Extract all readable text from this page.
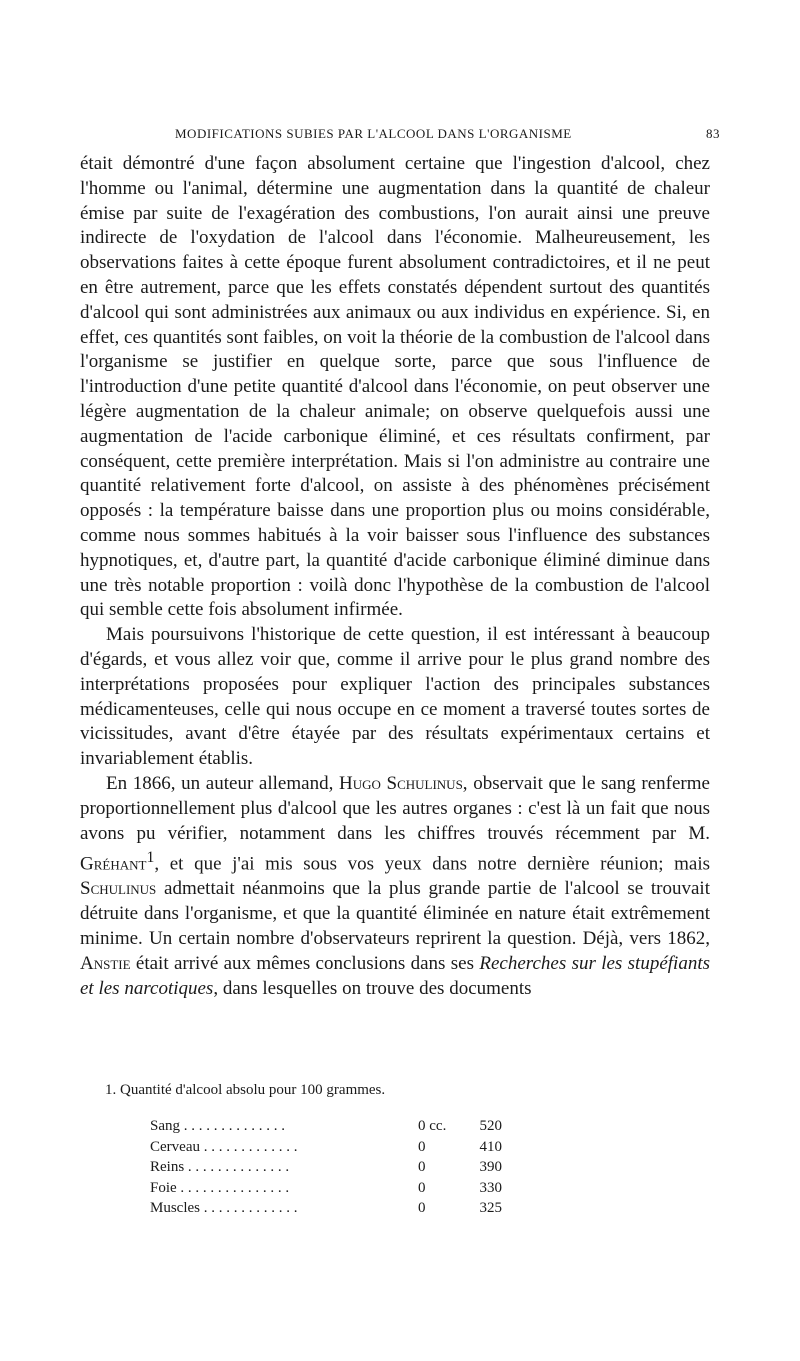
MODIFICATIONS SUBIES PAR L'ALCOOL DANS L'ORGANISME	83

était démontré d'une façon absolument certaine que l'ingestion d'alcool, chez l'homme ou l'animal, détermine une augmentation dans la quantité de chaleur émise par suite de l'exagération des combustions, l'on aurait ainsi une preuve indirecte de l'oxydation de l'alcool dans l'économie. Malheureusement, les observations faites à cette époque furent absolument contradictoires, et il ne peut en être autrement, parce que les effets constatés dépendent surtout des quantités d'alcool qui sont administrées aux animaux ou aux individus en expérience. Si, en effet, ces quantités sont faibles, on voit la théorie de la combustion de l'alcool dans l'organisme se justifier en quelque sorte, parce que sous l'influence de l'introduction d'une petite quantité d'alcool dans l'économie, on peut observer une légère augmentation de la chaleur animale; on observe quelquefois aussi une augmentation de l'acide carbonique éliminé, et ces résultats confirment, par conséquent, cette première interprétation. Mais si l'on administre au contraire une quantité relativement forte d'alcool, on assiste à des phénomènes précisément opposés : la température baisse dans une proportion plus ou moins considérable, comme nous sommes habitués à la voir baisser sous l'influence des substances hypnotiques, et, d'autre part, la quantité d'acide carbonique éliminé diminue dans une très notable proportion : voilà donc l'hypothèse de la combustion de l'alcool qui semble cette fois absolument infirmée.

Mais poursuivons l'historique de cette question, il est intéressant à beaucoup d'égards, et vous allez voir que, comme il arrive pour le plus grand nombre des interprétations proposées pour expliquer l'action des principales substances médicamenteuses, celle qui nous occupe en ce moment a traversé toutes sortes de vicissitudes, avant d'être étayée par des résultats expérimentaux certains et invariablement établis.

En 1866, un auteur allemand, Hugo Schulinus, observait que le sang renferme proportionnellement plus d'alcool que les autres organes : c'est là un fait que nous avons pu vérifier, notamment dans les chiffres trouvés récemment par M. Gréhant$^1$, et que j'ai mis sous vos yeux dans notre dernière réunion; mais Schulinus admettait néanmoins que la plus grande partie de l'alcool se trouvait détruite dans l'organisme, et que la quantité éliminée en nature était extrêmement minime. Un certain nombre d'observateurs reprirent la question. Déjà, vers 1862, Anstie était arrivé aux mêmes conclusions dans ses Recherches sur les stupéfiants et les narcotiques, dans lesquelles on trouve des documents

1. Quantité d'alcool absolu pour 100 grammes.
Sang . . . . . . . . . . . . . .	0 cc.	520
Cerveau . . . . . . . . . . . . .	0	410
Reins . . . . . . . . . . . . . .	0	390
Foie . . . . . . . . . . . . . . .	0	330
Muscles . . . . . . . . . . . . .	0	325
